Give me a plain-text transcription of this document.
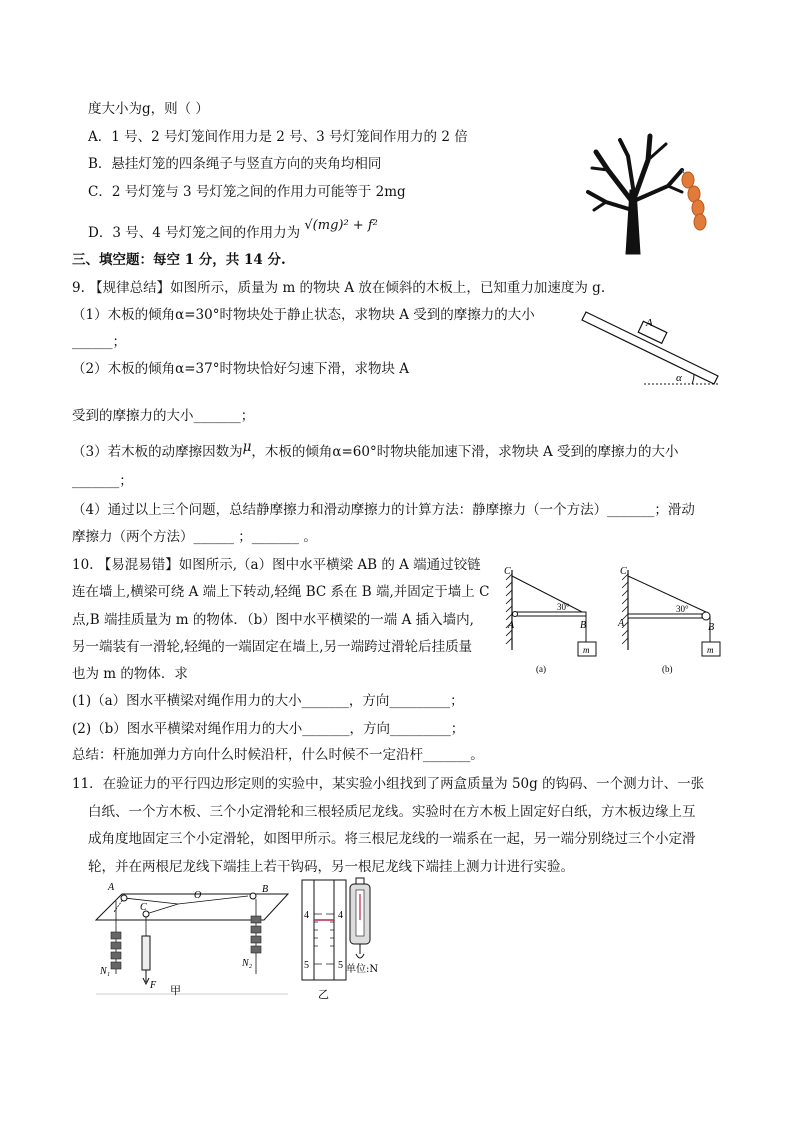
度大小为g，则（ ）
A．1 号、2 号灯笼间作用力是 2 号、3 号灯笼间作用力的 2 倍
B．悬挂灯笼的四条绳子与竖直方向的夹角均相同
C．2 号灯笼与 3 号灯笼之间的作用力可能等于 2mg
D．3 号、4 号灯笼之间的作用力为 √(mg)² + f²
三、填空题：每空 1 分，共 14 分.
9. 【规律总结】如图所示，质量为 m 的物块 A 放在倾斜的木板上，已知重力加速度为 g.
（1）木板的倾角α=30°时物块处于静止状态，求物块 A 受到的摩擦力的大小
______；
（2）木板的倾角α=37°时物块恰好匀速下滑，求物块 A
受到的摩擦力的大小_______；
（3）若木板的动摩擦因数为μ，木板的倾角α=60°时物块能加速下滑，求物块 A 受到的摩擦力的大小
_______；
（4）通过以上三个问题，总结静摩擦力和滑动摩擦力的计算方法：静摩擦力（一个方法）_______；滑动
摩擦力（两个方法）______ ；_______ 。
A
α
10. 【易混易错】如图所示,（a）图中水平横梁 AB 的 A 端通过铰链
连在墙上,横梁可绕 A 端上下转动,轻绳 BC 系在 B 端,并固定于墙上 C
点,B 端挂质量为 m 的物体．（b）图中水平横梁的一端 A 插入墙内,
另一端装有一滑轮,轻绳的一端固定在墙上,另一端跨过滑轮后挂质量
也为 m 的物体．求
(1)（a）图水平横梁对绳作用力的大小_______，方向_________；
(2)（b）图水平横梁对绳作用力的大小_______，方向_________；
总结：杆施加弹力方向什么时候沿杆，什么时候不一定沿杆_______。
C
A	B
30°
m
(a)
C
A	B
30°
m
(b)
11．在验证力的平行四边形定则的实验中，某实验小组找到了两盒质量为 50g 的钩码、一个测力计、一张
白纸、一个方木板、三个小定滑轮和三根轻质尼龙线。实验时在方木板上固定好白纸，方木板边缘上互
成角度地固定三个小定滑轮，如图甲所示。将三根尼龙线的一端系在一起，另一端分别绕过三个小定滑
轮，并在两根尼龙线下端挂上若干钩码，另一根尼龙线下端挂上测力计进行实验。
A
C
O
B
N₁
N₂
F 甲
4	4
5	5 单位:N
乙
